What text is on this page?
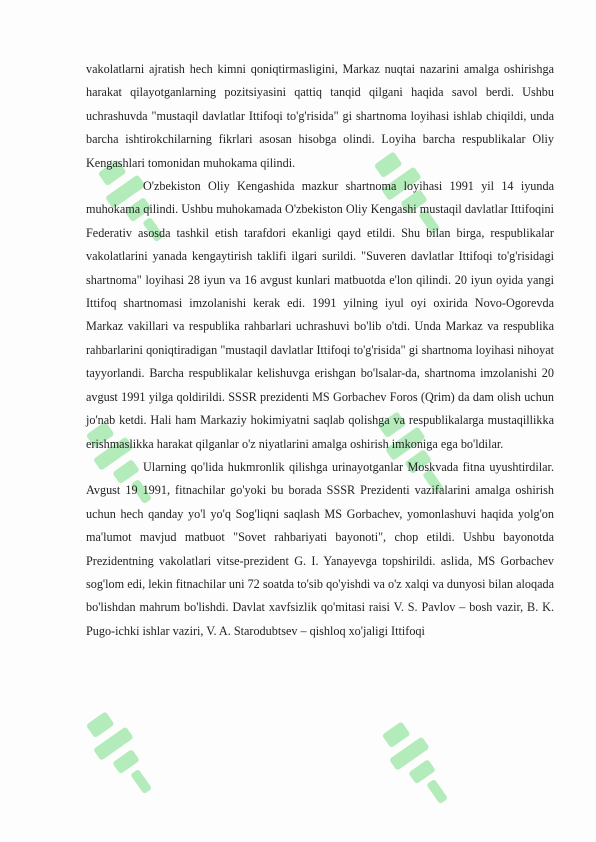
vakolatlarni ajratish hech kimni qoniqtirmasligini, Markaz nuqtai nazarini amalga oshirishga harakat qilayotganlarning pozitsiyasini qattiq tanqid qilgani haqida savol berdi. Ushbu uchrashuvda "mustaqil davlatlar Ittifoqi to'g'risida" gi shartnoma loyihasi ishlab chiqildi, unda barcha ishtirokchilarning fikrlari asosan hisobga olindi. Loyiha barcha respublikalar Oliy Kengashlari tomonidan muhokama qilindi.

O'zbekiston Oliy Kengashida mazkur shartnoma loyihasi 1991 yil 14 iyunda muhokama qilindi. Ushbu muhokamada O'zbekiston Oliy Kengashi mustaqil davlatlar Ittifoqini Federativ asosda tashkil etish tarafdori ekanligi qayd etildi. Shu bilan birga, respublikalar vakolatlarini yanada kengaytirish taklifi ilgari surildi. "Suveren davlatlar Ittifoqi to'g'risidagi shartnoma" loyihasi 28 iyun va 16 avgust kunlari matbuotda e'lon qilindi. 20 iyun oyida yangi Ittifoq shartnomasi imzolanishi kerak edi. 1991 yilning iyul oyi oxirida Novo-Ogorevda Markaz vakillari va respublika rahbarlari uchrashuvi bo'lib o'tdi. Unda Markaz va respublika rahbarlarini qoniqtiradigan "mustaqil davlatlar Ittifoqi to'g'risida" gi shartnoma loyihasi nihoyat tayyorlandi. Barcha respublikalar kelishuvga erishgan bo'lsalar-da, shartnoma imzolanishi 20 avgust 1991 yilga qoldirildi. SSSR prezidenti MS Gorbachev Foros (Qrim) da dam olish uchun jo'nab ketdi. Hali ham Markaziy hokimiyatni saqlab qolishga va respublikalarga mustaqillikka erishmaslikka harakat qilganlar o'z niyatlarini amalga oshirish imkoniga ega bo'ldilar.

Ularning qo'lida hukmronlik qilishga urinayotganlar Moskvada fitna uyushtirdilar. Avgust 19 1991, fitnachilar go'yoki bu borada SSSR Prezidenti vazifalarini amalga oshirish uchun hech qanday yo'l yo'q Sog'liqni saqlash MS Gorbachev, yomonlashuvi haqida yolg'on ma'lumot mavjud matbuot "Sovet rahbariyati bayonoti", chop etildi. Ushbu bayonotda Prezidentning vakolatlari vitse-prezident G. I. Yanayevga topshirildi. aslida, MS Gorbachev sog'lom edi, lekin fitnachilar uni 72 soatda to'sib qo'yishdi va o'z xalqi va dunyosi bilan aloqada bo'lishdan mahrum bo'lishdi. Davlat xavfsizlik qo'mitasi raisi V. S. Pavlov – bosh vazir, B. K. Pugo-ichki ishlar vaziri, V. A. Starodubtsev – qishloq xo'jaligi Ittifoqi
